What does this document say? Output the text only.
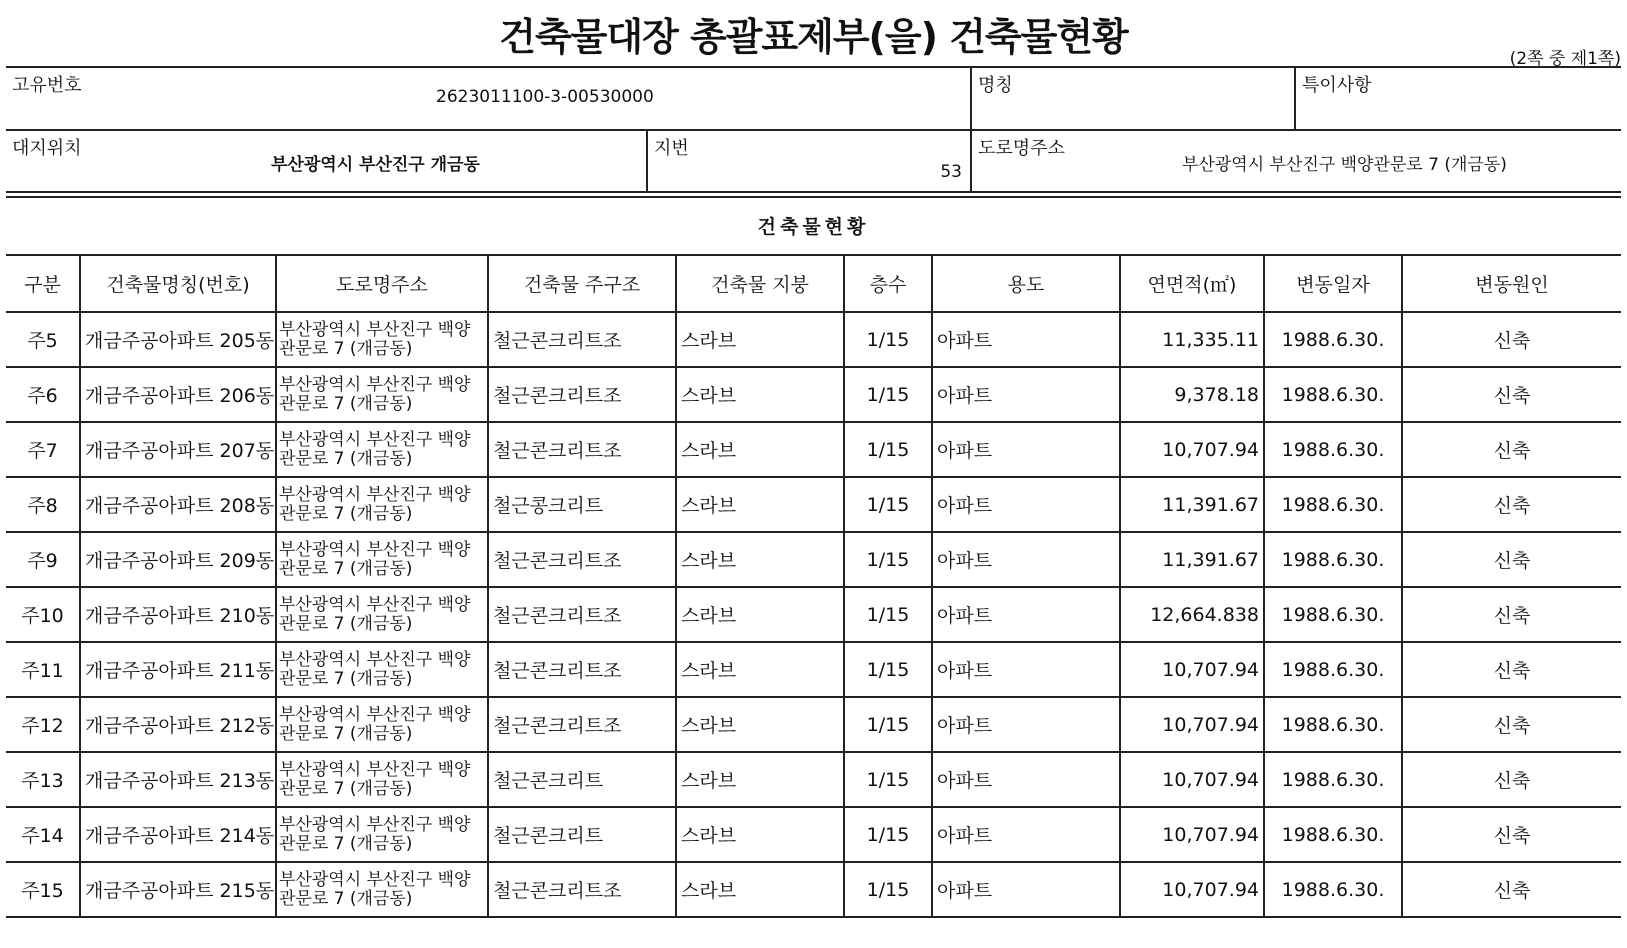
건축물대장 총괄표제부(을) 건축물현황	(2쪽 중 제1쪽)
고유번호
2623011100-3-00530000
명칭	특이사항
대지위치
부산광역시 부산진구 개금동
지번
53
도로명주소
부산광역시 부산진구 백양관문로 7 (개금동)
건축물현황
구분	건축물명칭(번호)	도로명주소	건축물 주구조	건축물 지붕	층수	용도	연면적(㎡)	변동일자	변동원인
주5	개금주공아파트 205동	부산광역시 부산진구 백양관문로 7 (개금동)	철근콘크리트조	스라브	1/15	아파트	11,335.11	1988.6.30.	신축
주6	개금주공아파트 206동	부산광역시 부산진구 백양관문로 7 (개금동)	철근콘크리트조	스라브	1/15	아파트	9,378.18	1988.6.30.	신축
주7	개금주공아파트 207동	부산광역시 부산진구 백양관문로 7 (개금동)	철근콘크리트조	스라브	1/15	아파트	10,707.94	1988.6.30.	신축
주8	개금주공아파트 208동	부산광역시 부산진구 백양관문로 7 (개금동)	철근콩크리트	스라브	1/15	아파트	11,391.67	1988.6.30.	신축
주9	개금주공아파트 209동	부산광역시 부산진구 백양관문로 7 (개금동)	철근콘크리트조	스라브	1/15	아파트	11,391.67	1988.6.30.	신축
주10	개금주공아파트 210동	부산광역시 부산진구 백양관문로 7 (개금동)	철근콘크리트조	스라브	1/15	아파트	12,664.838	1988.6.30.	신축
주11	개금주공아파트 211동	부산광역시 부산진구 백양관문로 7 (개금동)	철근콘크리트조	스라브	1/15	아파트	10,707.94	1988.6.30.	신축
주12	개금주공아파트 212동	부산광역시 부산진구 백양관문로 7 (개금동)	철근콘크리트조	스라브	1/15	아파트	10,707.94	1988.6.30.	신축
주13	개금주공아파트 213동	부산광역시 부산진구 백양관문로 7 (개금동)	철근콘크리트	스라브	1/15	아파트	10,707.94	1988.6.30.	신축
주14	개금주공아파트 214동	부산광역시 부산진구 백양관문로 7 (개금동)	철근콘크리트	스라브	1/15	아파트	10,707.94	1988.6.30.	신축
주15	개금주공아파트 215동	부산광역시 부산진구 백양관문로 7 (개금동)	철근콘크리트조	스라브	1/15	아파트	10,707.94	1988.6.30.	신축
